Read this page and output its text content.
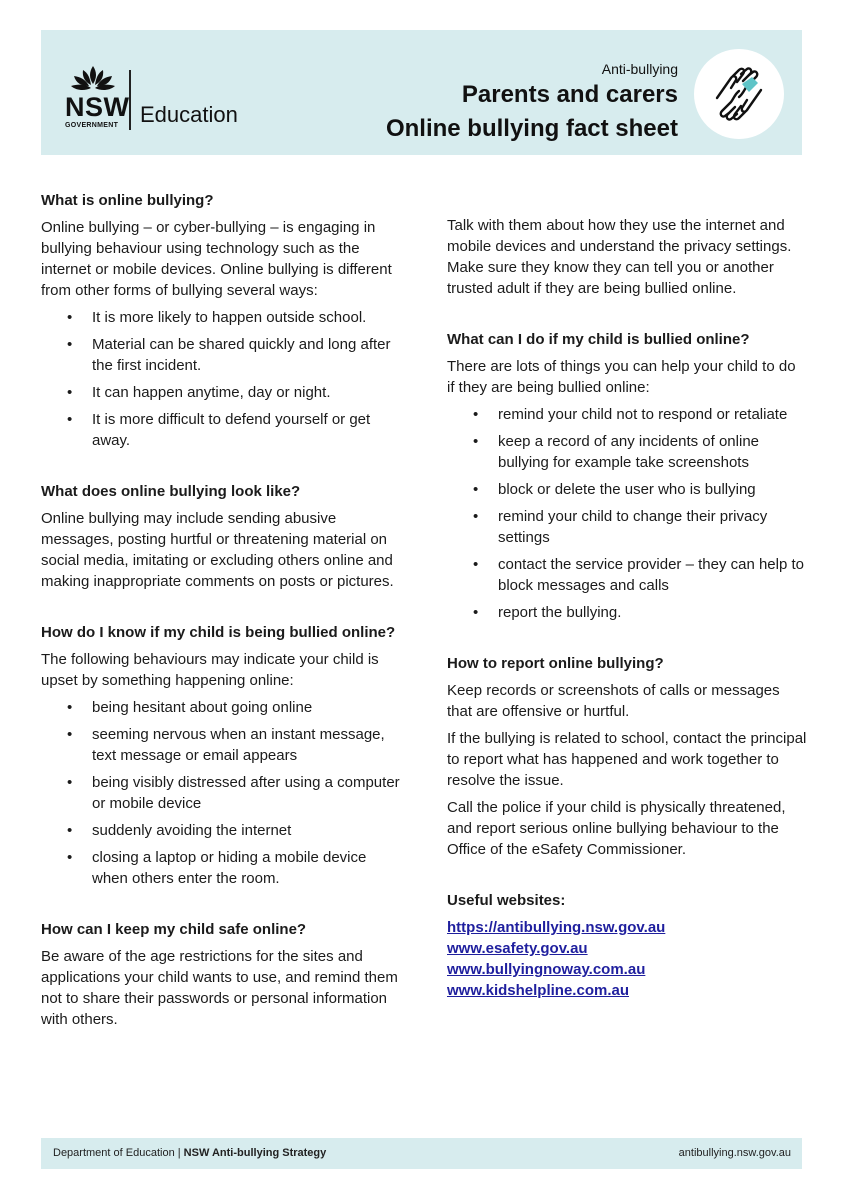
NSW
GOVERNMENT Education
Anti-bullying
Parents and carers
Online bullying fact sheet
What is online bullying?

Online bullying – or cyber-bullying – is engaging in bullying behaviour using technology such as the internet or mobile devices. Online bullying is different from other forms of bullying several ways:

• It is more likely to happen outside school.
• Material can be shared quickly and long after the first incident.
• It can happen anytime, day or night.
• It is more difficult to defend yourself or get away.
What does online bullying look like?

Online bullying may include sending abusive messages, posting hurtful or threatening material on social media, imitating or excluding others online and making inappropriate comments on posts or pictures.

How do I know if my child is being bullied online?

The following behaviours may indicate your child is upset by something happening online:

• being hesitant about going online
• seeming nervous when an instant message, text message or email appears
• being visibly distressed after using a computer or mobile device
• suddenly avoiding the internet
• closing a laptop or hiding a mobile device when others enter the room.
How can I keep my child safe online?

Be aware of the age restrictions for the sites and applications your child wants to use, and remind them not to share their passwords or personal information with others.

Talk with them about how they use the internet and mobile devices and understand the privacy settings. Make sure they know they can tell you or another trusted adult if they are being bullied online.

What can I do if my child is bullied online?

There are lots of things you can help your child to do if they are being bullied online:

• remind your child not to respond or retaliate
• keep a record of any incidents of online bullying for example take screenshots
• block or delete the user who is bullying
• remind your child to change their privacy settings
• contact the service provider – they can help to block messages and calls
• report the bullying.
How to report online bullying?

Keep records or screenshots of calls or messages that are offensive or hurtful.

If the bullying is related to school, contact the principal to report what has happened and work together to resolve the issue.

Call the police if your child is physically threatened, and report serious online bullying behaviour to the Office of the eSafety Commissioner.

Useful websites:
https://antibullying.nsw.gov.au
www.esafety.gov.au
www.bullyingnoway.com.au
www.kidshelpline.com.au
Department of Education | NSW Anti-bullying Strategy	antibullying.nsw.gov.au
